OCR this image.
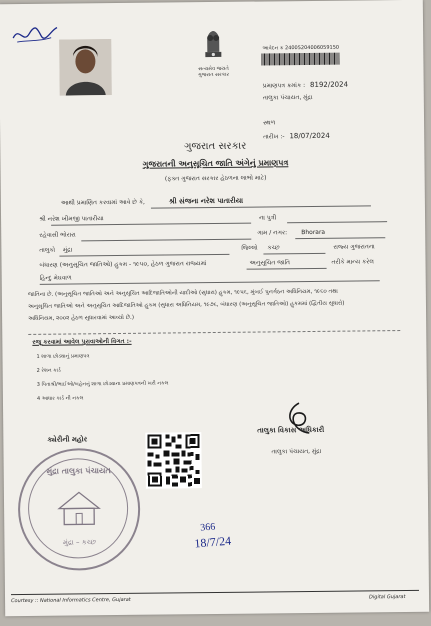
સત્યમેવ જયતે
ગુજરાત સરકાર
આવેદન ક્ર 24005204006059150
પ્રમાણપત્ર ક્રમાંક : 8192/2024
તાલુકા પંચાયત, મુંદ્રા
સ્થળ
તારીખ :- 18/07/2024
ગુજરાત સરકાર
ગુજરાતની અનુસૂચિત જાતિ અંગેનું પ્રમાણપત્ર
(ફક્ત ગુજરાત સરકાર હેઠળના લાભો માટે)
આથી પ્રમાણિત કરવામાં આવે છે કે,	શ્રી સંજના નરેશ પાતારીયા
શ્રી નરેશ ખીમજી પાતારીયા	ના પુત્રી
રહેવાસી ભોરારા	ગામ / નગર: Bhorara
તાલુકો મુંદ્રા	જિલ્લો કચ્છ	રાજ્ય ગુજરાતના
બંધારણ (અનુસૂચિત જાતિઓ) હુકમ - ૧૯૫૦, હેઠળ ગુજરાત રાજ્યમાં	અનુસૂચિત જાતિ	તરીકે માન્ય કરેલ
હિન્દુ મેઘવાળ
જાતિના છે. (અનુસૂચિત જાતિઓ અને અનુસૂચિત આદિજાતિઓની યાદીઓ (સુધારા) હુકમ, ૧૯૫૬, મુંબઈ પુનર્ગઠન અધિનિયમ, ૧૯૬૦ તથા
અનુસૂચિત જાતિઓ અને અનુસૂચિત આદિજાતિઓ હુકમ (સુધારા અધિનિયમ, ૧૯૭૬, બંધારણ (અનુસૂચિત જાતિઓ) હુકમમાં (દ્વિતીય સુધારો)
અધિનિયમ, ૨૦૦૨ હેઠળ સુધારવામાં આવ્યો છે.)
રજૂ કરવામાં આવેલ પુરાવાઓની વિગત :-
1 શાળા છોડ્યાનું પ્રમાણપત્ર
2 રેશન કાર્ડ
3 પિતાશ્રી/ભાઈઓ/બહેનનું શાળા છોડ્યાના પ્રમાણપત્રની ખરી નકલ
4 આધાર કાર્ડ ની નકલ
તાલુકા વિકાસ અધિકારી
તાલુકા પંચાયત, મુંદ્રા
ક્યેરીની મહોર
મુંદ્રા તાલુકા પંચાયત
મુંદ્રા – કચ્છ
366
18/7/24
Courtesy :: National Informatics Centre, Gujarat	Digital Gujarat
